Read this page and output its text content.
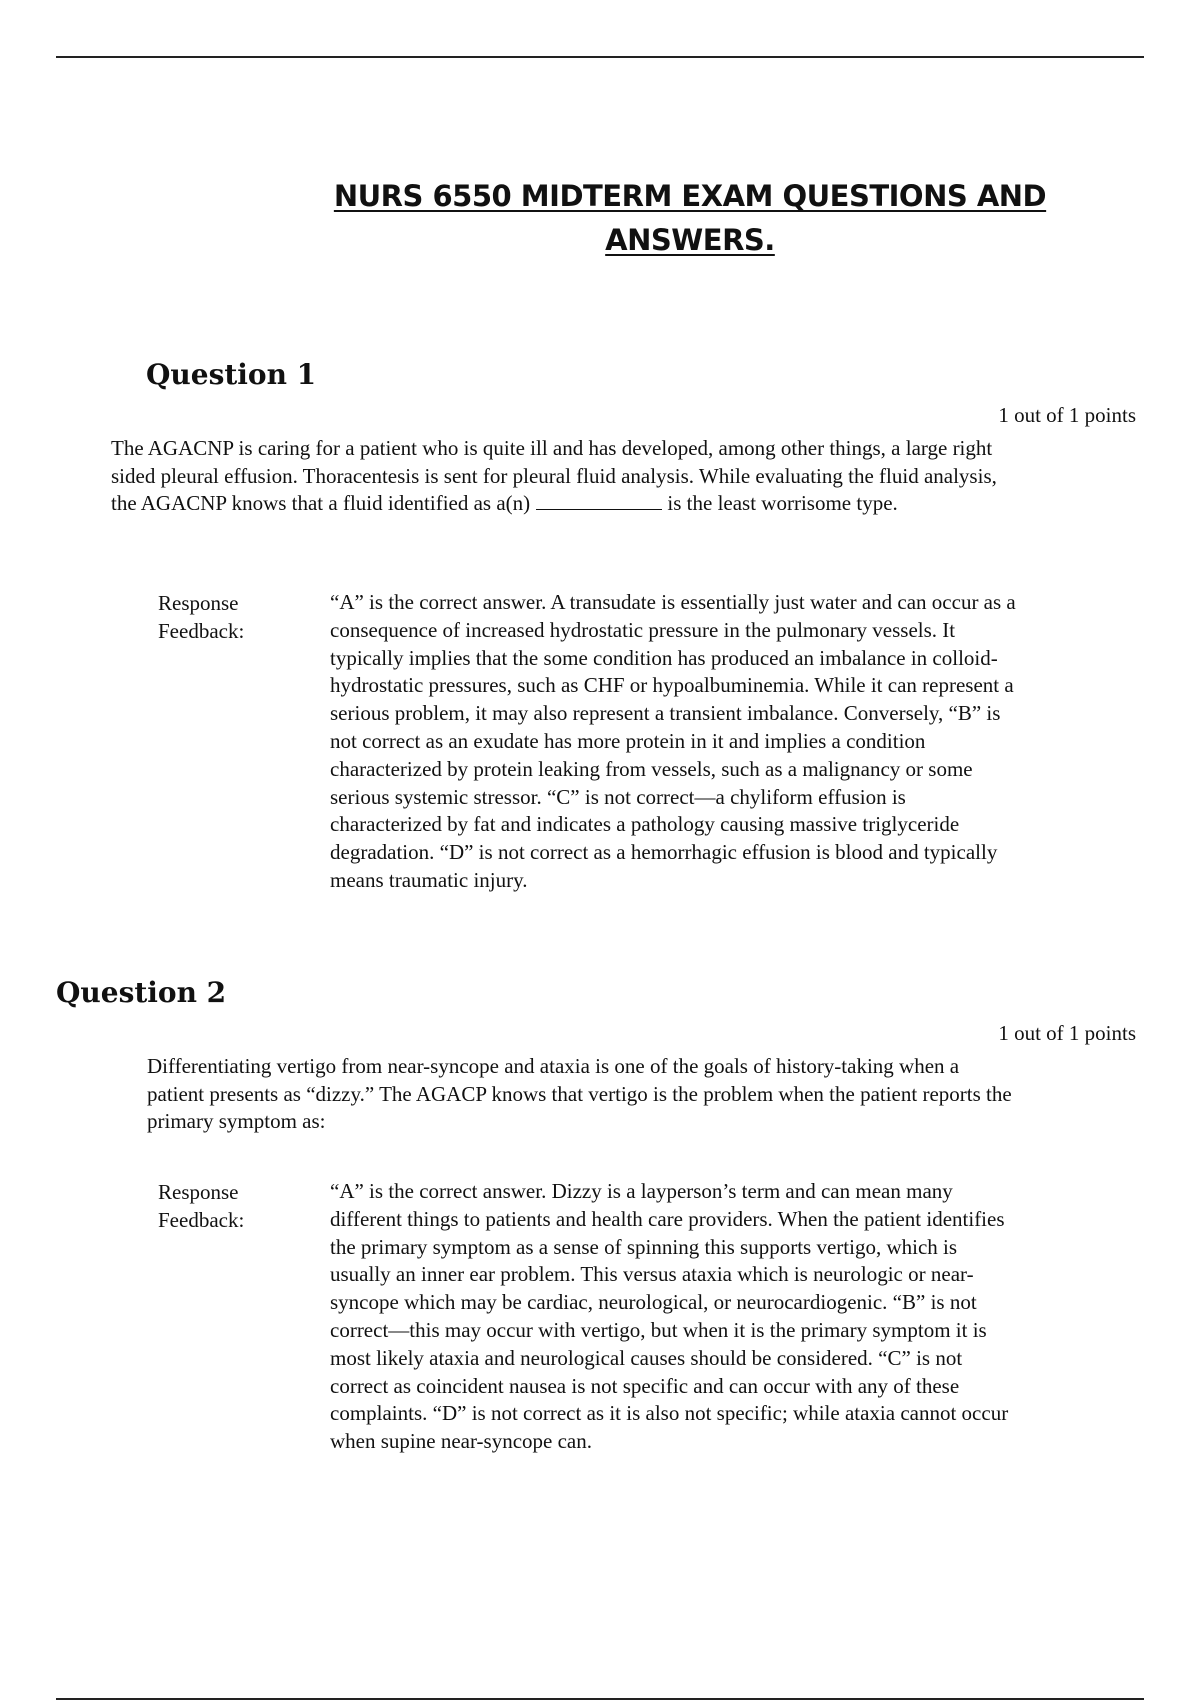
NURS 6550 MIDTERM EXAM QUESTIONS AND ANSWERS.
Question 1
1 out of 1 points

The AGACNP is caring for a patient who is quite ill and has developed, among other things, a large right sided pleural effusion. Thoracentesis is sent for pleural fluid analysis. While evaluating the fluid analysis, the AGACNP knows that a fluid identified as a(n)	is the least worrisome type.

Response
Feedback:

“A” is the correct answer. A transudate is essentially just water and can occur as a consequence of increased hydrostatic pressure in the pulmonary vessels. It typically implies that the some condition has produced an imbalance in colloid-hydrostatic pressures, such as CHF or hypoalbuminemia. While it can represent a serious problem, it may also represent a transient imbalance. Conversely, “B” is not correct as an exudate has more protein in it and implies a condition characterized by protein leaking from vessels, such as a malignancy or some serious systemic stressor. “C” is not correct—a chyliform effusion is characterized by fat and indicates a pathology causing massive triglyceride degradation. “D” is not correct as a hemorrhagic effusion is blood and typically means traumatic injury.

Question 2
1 out of 1 points

Differentiating vertigo from near-syncope and ataxia is one of the goals of history-taking when a patient presents as “dizzy.” The AGACP knows that vertigo is the problem when the patient reports the primary symptom as:

Response
Feedback:

“A” is the correct answer. Dizzy is a layperson’s term and can mean many different things to patients and health care providers. When the patient identifies the primary symptom as a sense of spinning this supports vertigo, which is usually an inner ear problem. This versus ataxia which is neurologic or near-syncope which may be cardiac, neurological, or neurocardiogenic. “B” is not correct—this may occur with vertigo, but when it is the primary symptom it is most likely ataxia and neurological causes should be considered. “C” is not correct as coincident nausea is not specific and can occur with any of these complaints. “D” is not correct as it is also not specific; while ataxia cannot occur when supine near-syncope can.
